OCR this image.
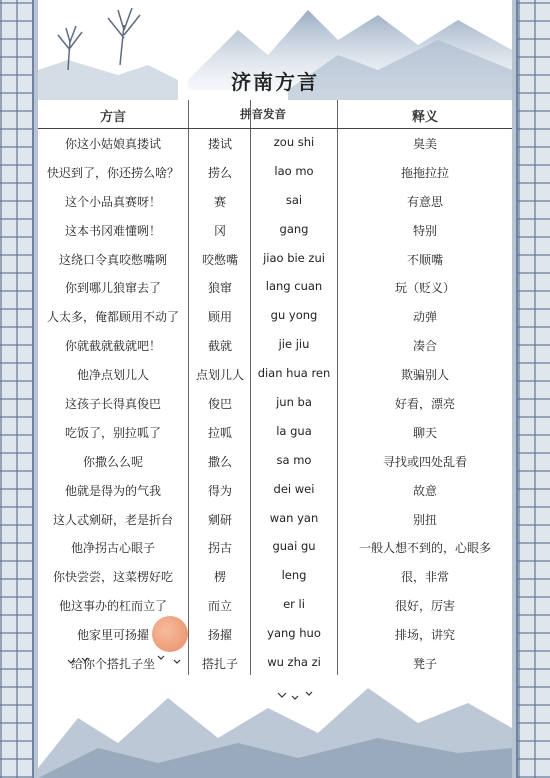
济南方言
方言	拼音发音	释义
你这小姑娘真搂试	搂试	zou shi	臭美
快迟到了，你还捞么啥？	捞么	lao mo	拖拖拉拉
这个小品真赛呀！	赛	sai	有意思
这本书冈难懂咧！	冈	gang	特别
这绕口令真咬憋嘴咧	咬憋嘴	jiao bie zui	不顺嘴
你到哪儿狼窜去了	狼窜	lang cuan	玩（贬义）
人太多，俺都顾用不动了	顾用	gu yong	动弹
你就截就截就吧！	截就	jie jiu	凑合
他净点划儿人	点划儿人	dian hua ren	欺骗别人
这孩子长得真俊巴	俊巴	jun ba	好看，漂亮
吃饭了，别拉呱了	拉呱	la gua	聊天
你撒么么呢	撒么	sa mo	寻找或四处乱看
他就是得为的气我	得为	dei wei	故意
这人忒剜研，老是折台	剜研	wan yan	别扭
他净拐古心眼子	拐古	guai gu	一般人想不到的，心眼多
你快尝尝，这菜楞好吃	楞	leng	很，非常
他这事办的杠而立了	而立	er li	很好，厉害
他家里可扬擢	扬擢	yang huo	排场，讲究
给你个搭扎子坐	搭扎子	wu zha zi	凳子
